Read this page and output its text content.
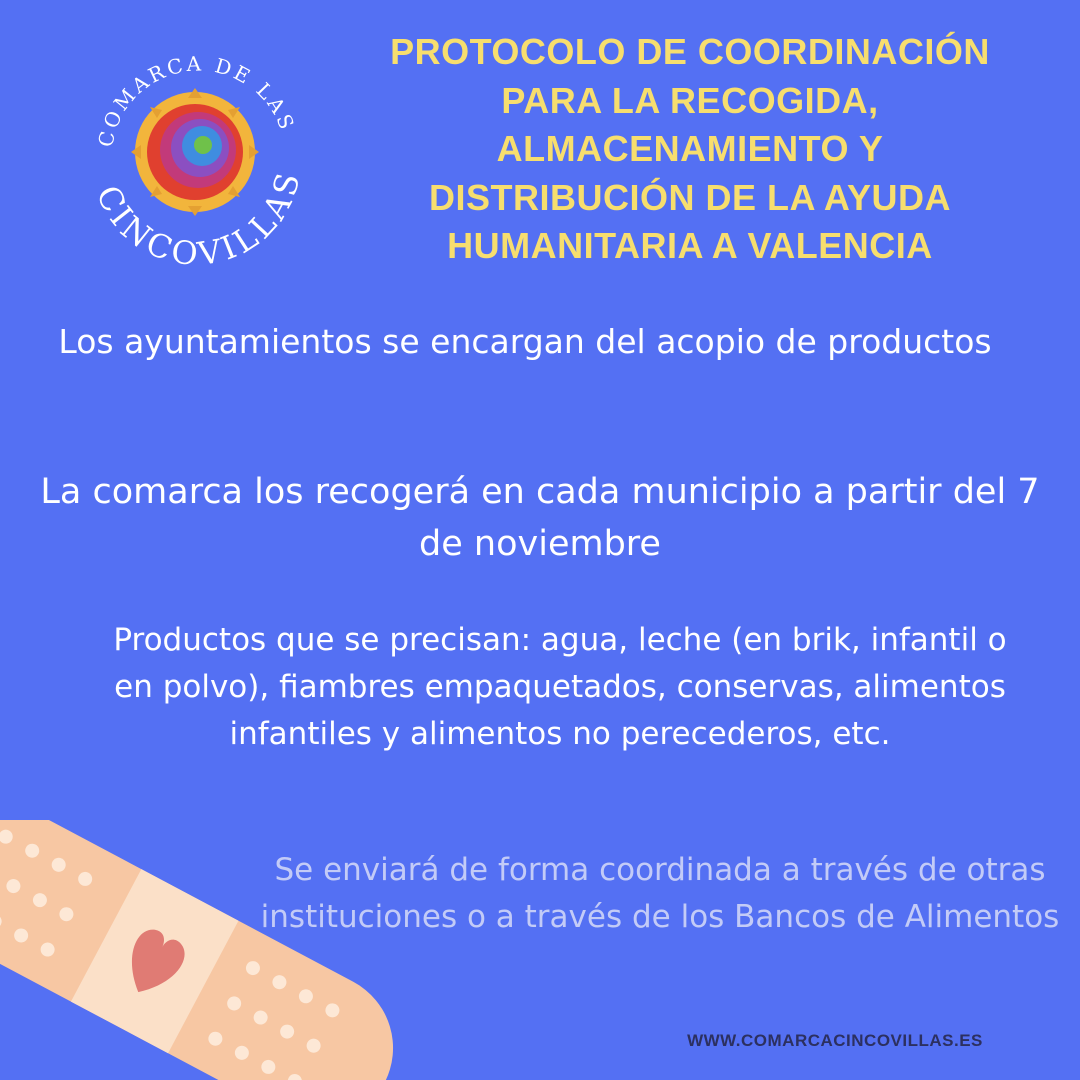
COMARCA DE LAS
CINCOVILLAS
PROTOCOLO DE COORDINACIÓN
PARA LA RECOGIDA,
ALMACENAMIENTO Y
DISTRIBUCIÓN DE LA AYUDA
HUMANITARIA A VALENCIA

Los ayuntamientos se encargan del acopio de productos

La comarca los recogerá en cada municipio a partir del 7 de noviembre

Productos que se precisan: agua, leche (en brik, infantil o en polvo), fiambres empaquetados, conservas, alimentos infantiles y alimentos no perecederos, etc.

Se enviará de forma coordinada a través de otras instituciones o a través de los Bancos de Alimentos

WWW.COMARCACINCOVILLAS.ES
